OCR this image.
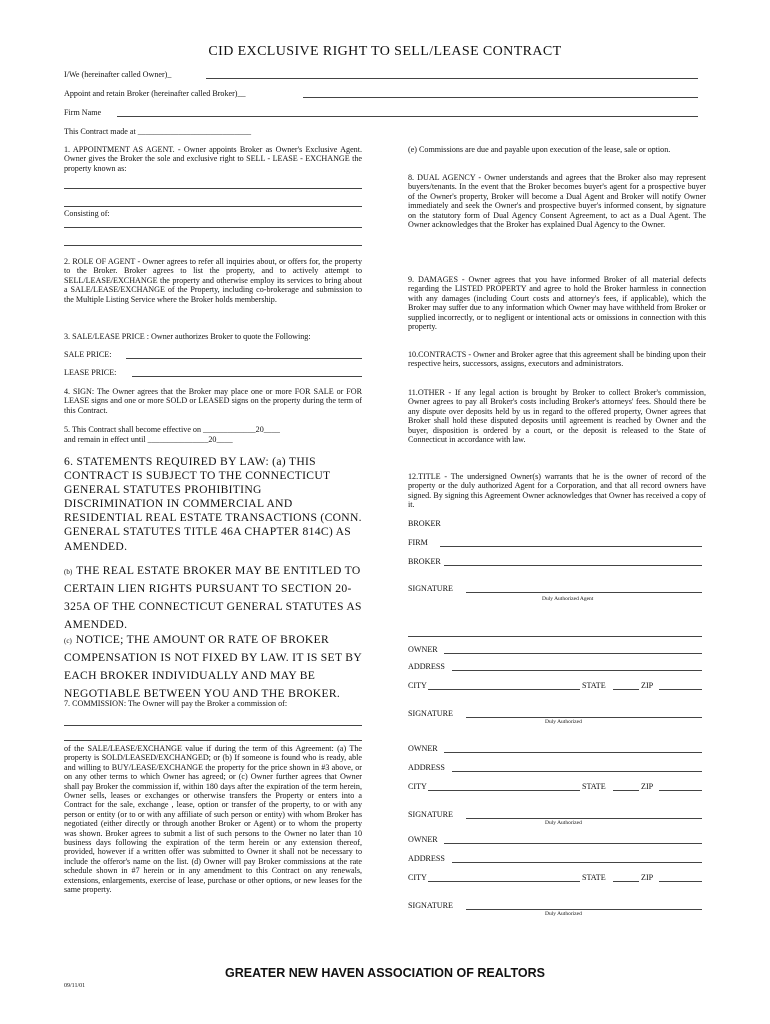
CID EXCLUSIVE RIGHT TO SELL/LEASE CONTRACT
I/We (hereinafter called Owner)_
Appoint and retain Broker (hereinafter called Broker)__
Firm Name
This Contract made at ____________________________
1. APPOINTMENT AS AGENT. - Owner appoints Broker as Owner's Exclusive Agent. Owner gives the Broker the sole and exclusive right to SELL - LEASE - EXCHANGE the property known as:
Consisting of:
2. ROLE OF AGENT - Owner agrees to refer all inquiries about, or offers for, the property to the Broker. Broker agrees to list the property, and to actively attempt to SELL/LEASE/EXCHANGE the property and otherwise employ its services to bring about a SALE/LEASE/EXCHANGE of the Property, including co-brokerage and submission to the Multiple Listing Service where the Broker holds membership.
3. SALE/LEASE PRICE : Owner authorizes Broker to quote the Following:
SALE PRICE:
LEASE PRICE:
4. SIGN: The Owner agrees that the Broker may place one or more FOR SALE or FOR LEASE signs and one or more SOLD or LEASED signs on the property during the term of this Contract.
5. This Contract shall become effective on _____________20____
and remain in effect until _______________20____
6. STATEMENTS REQUIRED BY LAW: (a) THIS CONTRACT IS SUBJECT TO THE CONNECTICUT GENERAL STATUTES PROHIBITING DISCRIMINATION IN COMMERCIAL AND RESIDENTIAL REAL ESTATE TRANSACTIONS (CONN. GENERAL STATUTES TITLE 46A CHAPTER 814C) AS AMENDED.
(b) THE REAL ESTATE BROKER MAY BE ENTITLED TO CERTAIN LIEN RIGHTS PURSUANT TO SECTION 20-325A OF THE CONNECTICUT GENERAL STATUTES AS AMENDED.
(c) NOTICE; THE AMOUNT OR RATE OF BROKER COMPENSATION IS NOT FIXED BY LAW. IT IS SET BY EACH BROKER INDIVIDUALLY AND MAY BE NEGOTIABLE BETWEEN YOU AND THE BROKER.
7. COMMISSION: The Owner will pay the Broker a commission of:
of the SALE/LEASE/EXCHANGE value if during the term of this Agreement: (a) The property is SOLD/LEASED/EXCHANGED; or (b) If someone is found who is ready, able and willing to BUY/LEASE/EXCHANGE the property for the price shown in #3 above, or on any other terms to which Owner has agreed; or (c) Owner further agrees that Owner shall pay Broker the commission if, within 180 days after the expiration of the term herein, Owner sells, leases or exchanges or otherwise transfers the Property or enters into a Contract for the sale, exchange , lease, option or transfer of the property, to or with any person or entity (or to or with any affiliate of such person or entity) with whom Broker has negotiated (either directly or through another Broker or Agent) or to whom the property was shown. Broker agrees to submit a list of such persons to the Owner no later than 10 business days following the expiration of the term herein or any extension thereof, provided, however if a written offer was submitted to Owner it shall not be necessary to include the offeror's name on the list. (d) Owner will pay Broker commissions at the rate schedule shown in #7 herein or in any amendment to this Contract on any renewals, extensions, enlargements, exercise of lease, purchase or other options, or new leases for the same property.
(e) Commissions are due and payable upon execution of the lease, sale or option.
8. DUAL AGENCY - Owner understands and agrees that the Broker also may represent buyers/tenants. In the event that the Broker becomes buyer's agent for a prospective buyer of the Owner's property, Broker will become a Dual Agent and Broker will notify Owner immediately and seek the Owner's and prospective buyer's informed consent, by signature on the statutory form of Dual Agency Consent Agreement, to act as a Dual Agent. The Owner acknowledges that the Broker has explained Dual Agency to the Owner.
9. DAMAGES - Owner agrees that you have informed Broker of all material defects regarding the LISTED PROPERTY and agree to hold the Broker harmless in connection with any damages (including Court costs and attorney's fees, if applicable), which the Broker may suffer due to any information which Owner may have withheld from Broker or supplied incorrectly, or to negligent or intentional acts or omissions in connection with this property.
10.CONTRACTS - Owner and Broker agree that this agreement shall be binding upon their respective heirs, successors, assigns, executors and administrators.
11.OTHER - If any legal action is brought by Broker to collect Broker's commission, Owner agrees to pay all Broker's costs including Broker's attorneys' fees. Should there be any dispute over deposits held by us in regard to the offered property, Owner agrees that Broker shall hold these disputed deposits until agreement is reached by Owner and the buyer, disposition is ordered by a court, or the deposit is released to the State of Connecticut in accordance with law.
12.TITLE - The undersigned Owner(s) warrants that he is the owner of record of the property or the duly authorized Agent for a Corporation, and that all record owners have signed. By signing this Agreement Owner acknowledges that Owner has received a copy of it.
BROKER
FIRM
BROKER
SIGNATURE
Duly Authorized Agent
OWNER
ADDRESS
CITY	STATE	ZIP
SIGNATURE
Duly Authorized
OWNER
ADDRESS
CITY	STATE	ZIP
SIGNATURE
Duly Authorized
OWNER
ADDRESS
CITY	STATE	ZIP
SIGNATURE
Duly Authorized
GREATER NEW HAVEN ASSOCIATION OF REALTORS
09/11/01
